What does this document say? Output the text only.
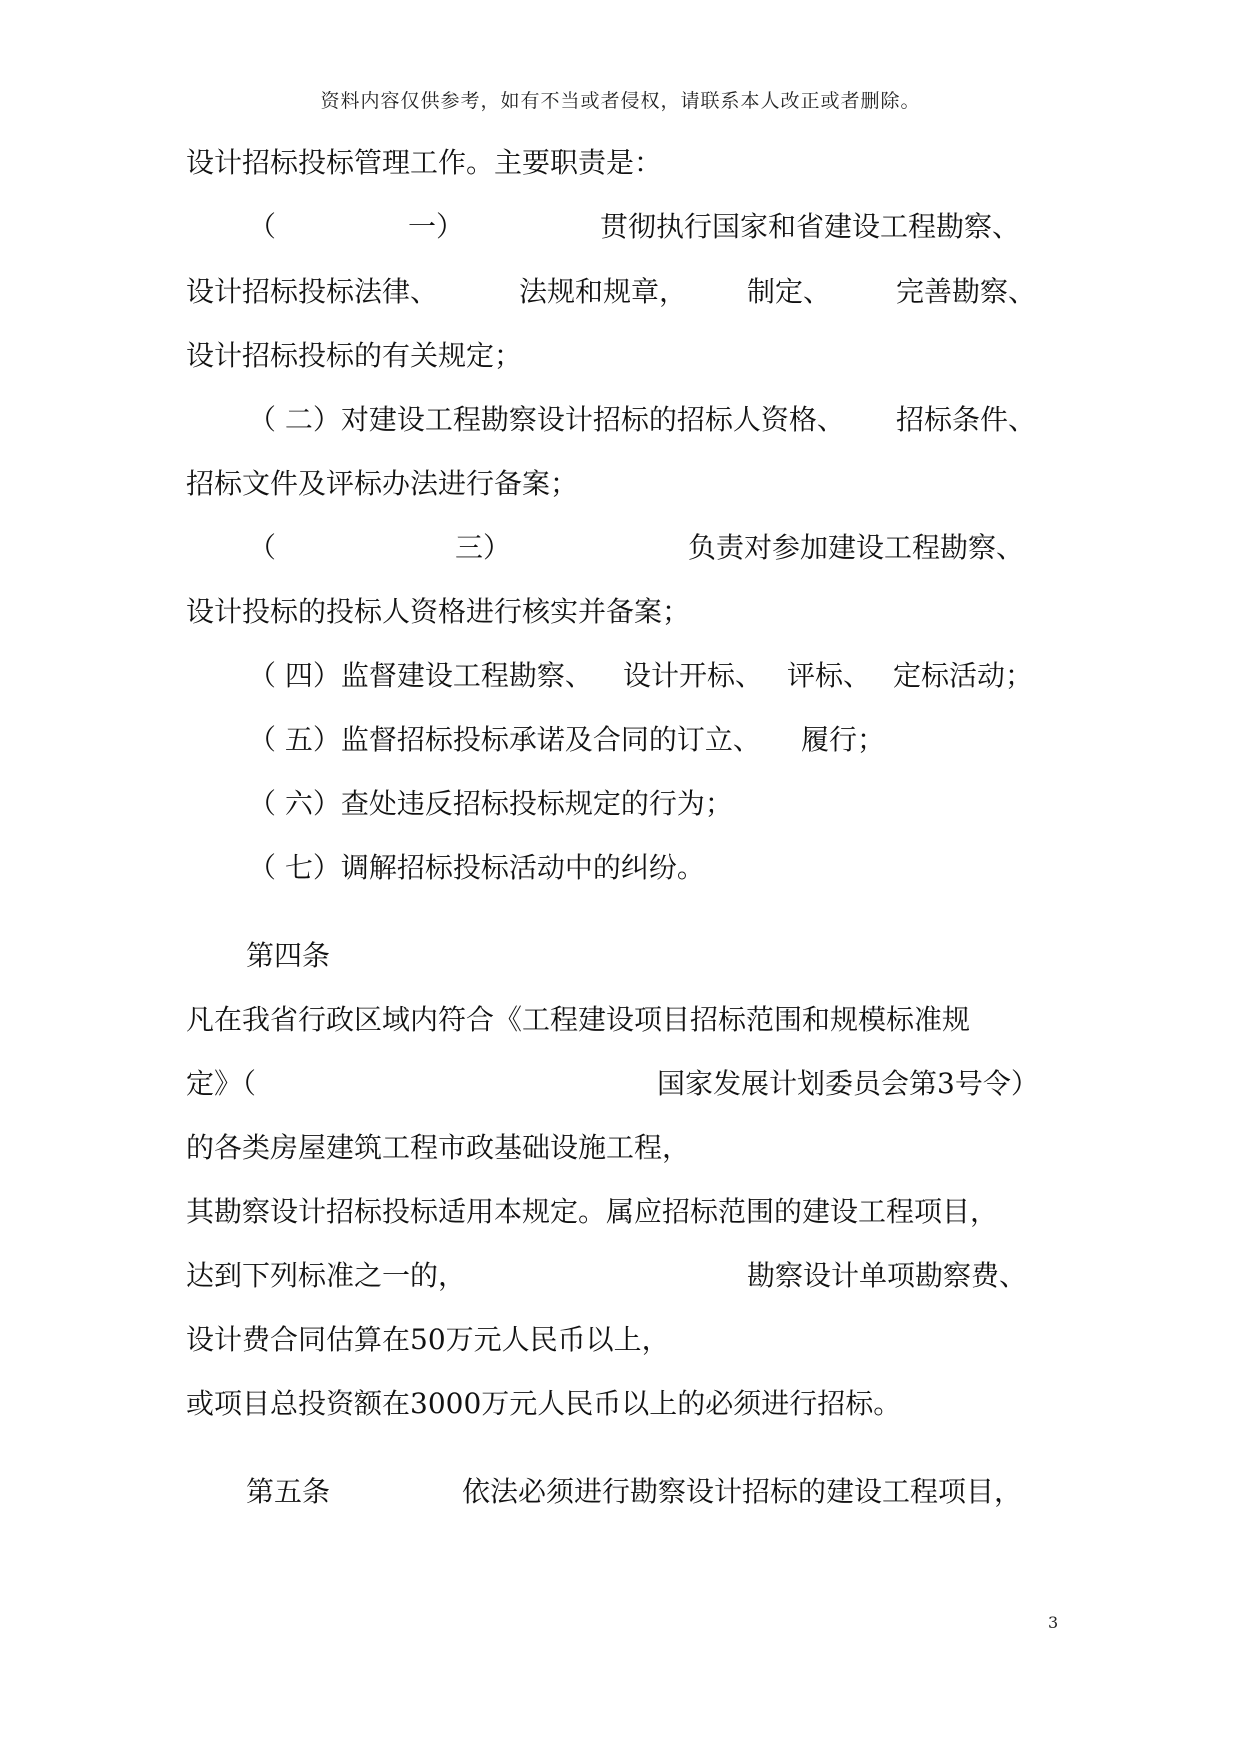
资料内容仅供参考，如有不当或者侵权，请联系本人改正或者删除。
设计招标投标管理工作。主要职责是：
（	一）	贯彻执行国家和省建设工程勘察、
设计招标投标法律、	法规和规章， 制定、 完善勘察、
设计招标投标的有关规定；
（ 二）对建设工程勘察设计招标的招标人资格、 招标条件、
招标文件及评标办法进行备案；
（	三）	负责对参加建设工程勘察、
设计投标的投标人资格进行核实并备案；
（ 四）监督建设工程勘察、 设计开标、 评标、 定标活动；
（ 五）监督招标投标承诺及合同的订立、 履行；
（ 六）查处违反招标投标规定的行为；
（ 七）调解招标投标活动中的纠纷。
第四条
凡在我省行政区域内符合《工程建设项目招标范围和规模标准规
定》（	国家发展计划委员会第3号令）
的各类房屋建筑工程市政基础设施工程，
其勘察设计招标投标适用本规定。属应招标范围的建设工程项目，
达到下列标准之一的，	勘察设计单项勘察费、
设计费合同估算在50万元人民币以上，
或项目总投资额在3000万元人民币以上的必须进行招标。
第五条	依法必须进行勘察设计招标的建设工程项目，
3
